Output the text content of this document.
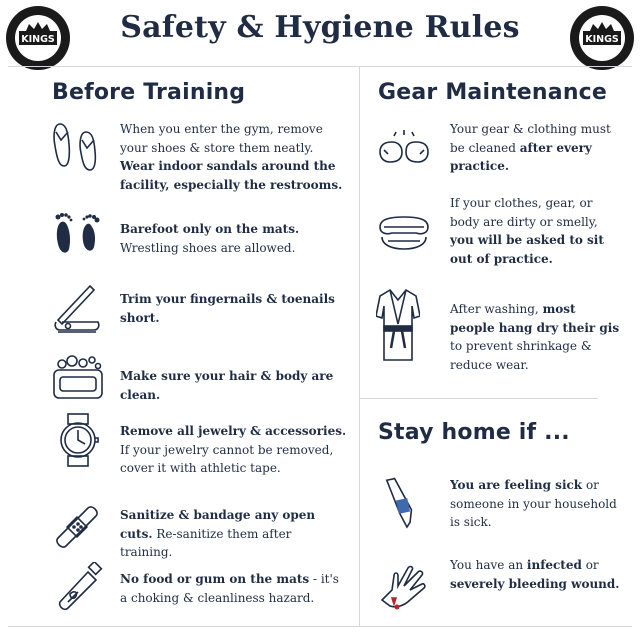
KINGS	KINGS
Safety & Hygiene Rules
Before Training	Gear Maintenance
Stay home if ...
When you enter the gym, remove your shoes & store them neatly. Wear indoor sandals around the facility, especially the restrooms.
Barefoot only on the mats. Wrestling shoes are allowed.
Trim your fingernails & toenails short.
Make sure your hair & body are clean.
Remove all jewelry & accessories. If your jewelry cannot be removed, cover it with athletic tape.
Sanitize & bandage any open cuts. Re-sanitize them after training.
No food or gum on the mats - it's a choking & cleanliness hazard.
Your gear & clothing must be cleaned after every practice.
If your clothes, gear, or body are dirty or smelly, you will be asked to sit out of practice.
After washing, most people hang dry their gis to prevent shrinkage & reduce wear.
You are feeling sick or someone in your household is sick.
You have an infected or severely bleeding wound.
